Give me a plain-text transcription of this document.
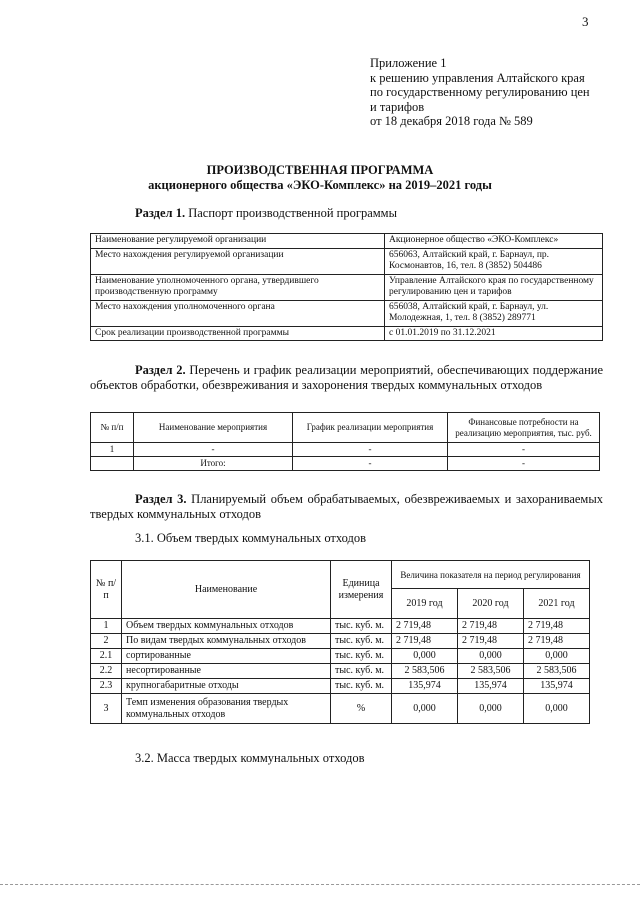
3
Приложение 1
к решению управления Алтайского края
по государственному регулированию цен
и тарифов
от 18 декабря 2018 года № 589
ПРОИЗВОДСТВЕННАЯ ПРОГРАММА
акционерного общества «ЭКО-Комплекс» на 2019–2021 годы
Раздел 1. Паспорт производственной программы
Наименование регулируемой организации	Акционерное общество «ЭКО-Комплекс»
Место нахождения регулируемой организации	656063, Алтайский край, г. Барнаул, пр. Космонавтов, 16, тел. 8 (3852) 504486
Наименование уполномоченного органа, утвердившего производственную программу	Управление Алтайского края по государственному регулированию цен и тарифов
Место нахождения уполномоченного органа	656038, Алтайский край, г. Барнаул, ул. Молодежная, 1, тел. 8 (3852) 289771
Срок реализации производственной программы	с 01.01.2019 по 31.12.2021
Раздел 2. Перечень и график реализации мероприятий, обеспечивающих поддержание объектов обработки, обезвреживания и захоронения твердых коммунальных отходов
№ п/п	Наименование мероприятия	График реализации мероприятия	Финансовые потребности на реализацию мероприятия, тыс. руб.
1	-	-	-
	Итого:	-	-
Раздел 3. Планируемый объем обрабатываемых, обезвреживаемых и захораниваемых твердых коммунальных отходов
3.1. Объем твердых коммунальных отходов
№ п/п	Наименование	Единица измерения	Величина показателя на период регулирования		
			2019 год	2020 год	2021 год
1	Объем твердых коммунальных отходов	тыс. куб. м.	2 719,48	2 719,48	2 719,48
2	По видам твердых коммунальных отходов	тыс. куб. м.	2 719,48	2 719,48	2 719,48
2.1	сортированные	тыс. куб. м.	0,000	0,000	0,000
2.2	несортированные	тыс. куб. м.	2 583,506	2 583,506	2 583,506
2.3	крупногабаритные отходы	тыс. куб. м.	135,974	135,974	135,974
3	Темп изменения образования твердых коммунальных отходов	%	0,000	0,000	0,000
3.2. Масса твердых коммунальных отходов
